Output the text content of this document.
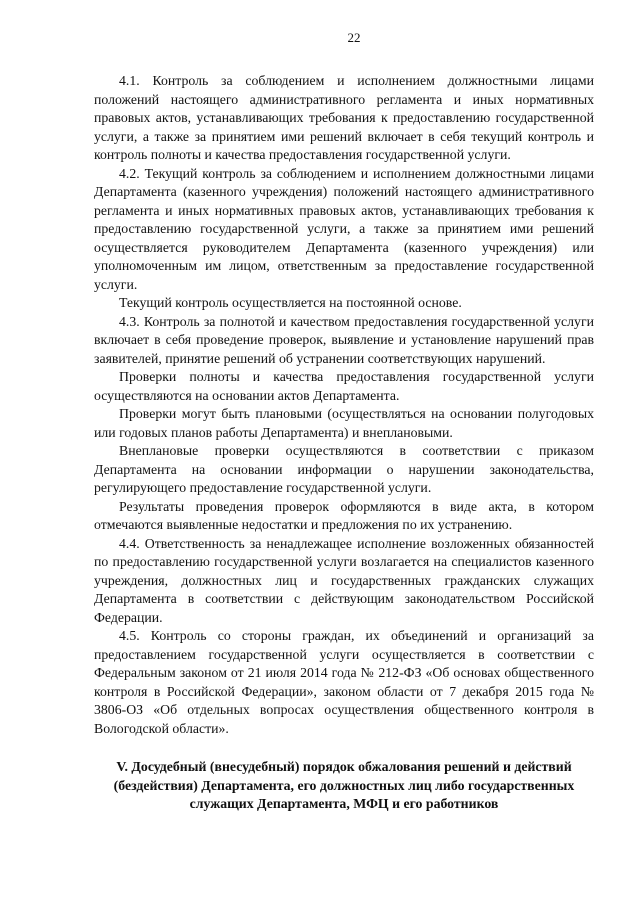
22

4.1. Контроль за соблюдением и исполнением должностными лицами положений настоящего административного регламента и иных нормативных правовых актов, устанавливающих требования к предоставлению государственной услуги, а также за принятием ими решений включает в себя текущий контроль и контроль полноты и качества предоставления государственной услуги.

4.2. Текущий контроль за соблюдением и исполнением должностными лицами Департамента (казенного учреждения) положений настоящего административного регламента и иных нормативных правовых актов, устанавливающих требования к предоставлению государственной услуги, а также за принятием ими решений осуществляется руководителем Департамента (казенного учреждения) или уполномоченным им лицом, ответственным за предоставление государственной услуги.

Текущий контроль осуществляется на постоянной основе.

4.3. Контроль за полнотой и качеством предоставления государственной услуги включает в себя проведение проверок, выявление и установление нарушений прав заявителей, принятие решений об устранении соответствующих нарушений.

Проверки полноты и качества предоставления государственной услуги осуществляются на основании актов Департамента.

Проверки могут быть плановыми (осуществляться на основании полугодовых или годовых планов работы Департамента) и внеплановыми.

Внеплановые проверки осуществляются в соответствии с приказом Департамента на основании информации о нарушении законодательства, регулирующего предоставление государственной услуги.

Результаты проведения проверок оформляются в виде акта, в котором отмечаются выявленные недостатки и предложения по их устранению.

4.4. Ответственность за ненадлежащее исполнение возложенных обязанностей по предоставлению государственной услуги возлагается на специалистов казенного учреждения, должностных лиц и государственных гражданских служащих Департамента в соответствии с действующим законодательством Российской Федерации.

4.5. Контроль со стороны граждан, их объединений и организаций за предоставлением государственной услуги осуществляется в соответствии с Федеральным законом от 21 июля 2014 года № 212-ФЗ «Об основах общественного контроля в Российской Федерации», законом области от 7 декабря 2015 года № 3806-ОЗ «Об отдельных вопросах осуществления общественного контроля в Вологодской области».

V. Досудебный (внесудебный) порядок обжалования решений и действий (бездействия) Департамента, его должностных лиц либо государственных служащих Департамента, МФЦ и его работников
